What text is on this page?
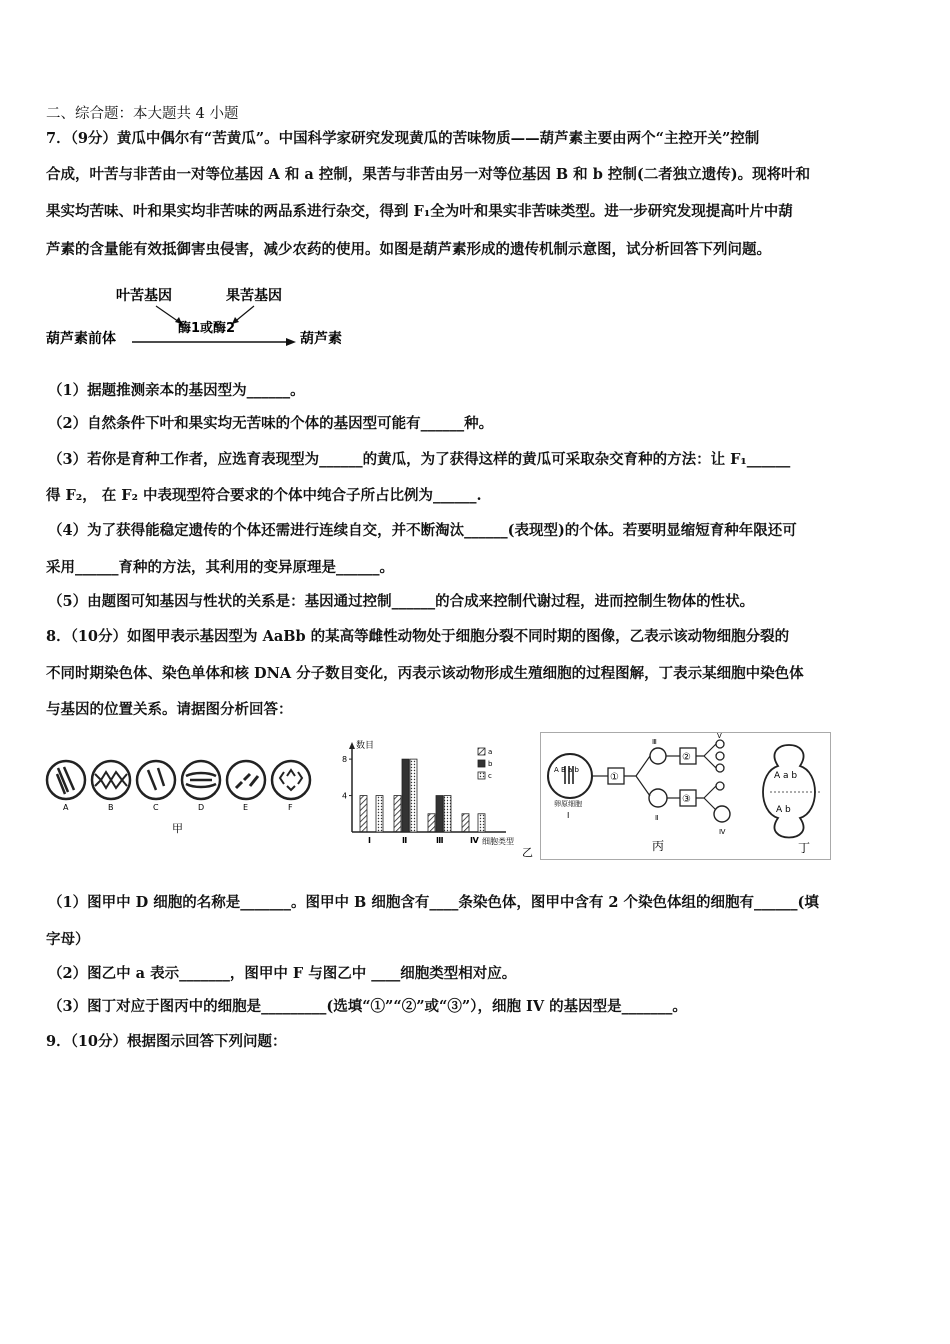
二、综合题：本大题共 4 小题
7．（9分）黄瓜中偶尔有“苦黄瓜”。中国科学家研究发现黄瓜的苦味物质——葫芦素主要由两个“主控开关”控制
合成，叶苦与非苦由一对等位基因 A 和 a 控制，果苦与非苦由另一对等位基因 B 和 b 控制(二者独立遗传)。现将叶和
果实均苦味、叶和果实均非苦味的两品系进行杂交，得到 F₁全为叶和果实非苦味类型。进一步研究发现提高叶片中葫
芦素的含量能有效抵御害虫侵害，减少农药的使用。如图是葫芦素形成的遗传机制示意图，试分析回答下列问题。
叶苦基因	果苦基因
酶1或酶2
葫芦素前体	葫芦素
（1）据题推测亲本的基因型为______。
（2）自然条件下叶和果实均无苦味的个体的基因型可能有______种。
（3）若你是育种工作者，应选育表现型为______的黄瓜，为了获得这样的黄瓜可采取杂交育种的方法：让 F₁______
得 F₂， 在 F₂ 中表现型符合要求的个体中纯合子所占比例为______.
（4）为了获得能稳定遗传的个体还需进行连续自交，并不断淘汰______(表现型)的个体。若要明显缩短育种年限还可
采用______育种的方法，其利用的变异原理是______。
（5）由题图可知基因与性状的关系是：基因通过控制______的合成来控制代谢过程，进而控制生物体的性状。
8．（10分）如图甲表示基因型为 AaBb 的某高等雌性动物处于细胞分裂不同时期的图像，乙表示该动物细胞分裂的
不同时期染色体、染色单体和核 DNA 分子数目变化，丙表示该动物形成生殖细胞的过程图解，丁表示某细胞中染色体
与基因的位置关系。请据图分析回答：
A	B	C	D	E	F
甲
数目
细胞类型
乙
4
8
Ⅰ	Ⅱ	Ⅲ	Ⅳ
a
b
c
A B a b
卵原细胞
Ⅰ
①
Ⅲ
Ⅱ
②
Ⅴ
③
Ⅳ
丙
A a b
A b
丁
（1）图甲中 D 细胞的名称是_______。图甲中 B 细胞含有____条染色体，图甲中含有 2 个染色体组的细胞有______(填
字母）
（2）图乙中 a 表示_______，图甲中 F 与图乙中 ____细胞类型相对应。
（3）图丁对应于图丙中的细胞是_________(选填“①”“②”或“③”），细胞 IV 的基因型是_______。
9．（10分）根据图示回答下列问题：
